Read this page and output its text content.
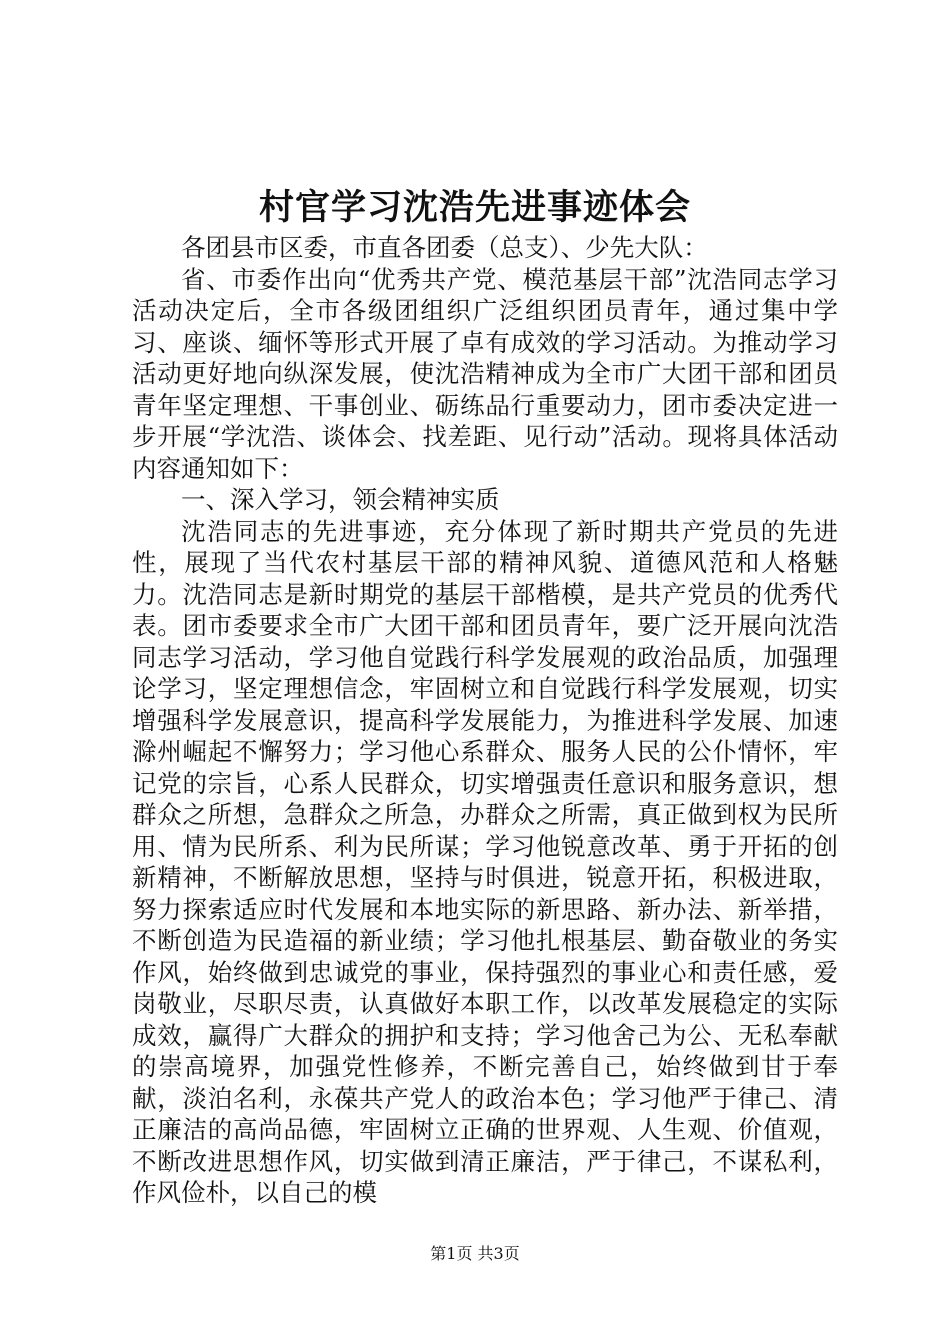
村官学习沈浩先进事迹体会

各团县市区委，市直各团委（总支）、少先大队：

省、市委作出向“优秀共产党、模范基层干部”沈浩同志学习活动决定后，全市各级团组织广泛组织团员青年，通过集中学习、座谈、缅怀等形式开展了卓有成效的学习活动。为推动学习活动更好地向纵深发展，使沈浩精神成为全市广大团干部和团员青年坚定理想、干事创业、砺练品行重要动力，团市委决定进一步开展“学沈浩、谈体会、找差距、见行动”活动。现将具体活动内容通知如下：

一、深入学习，领会精神实质

沈浩同志的先进事迹，充分体现了新时期共产党员的先进性，展现了当代农村基层干部的精神风貌、道德风范和人格魅力。沈浩同志是新时期党的基层干部楷模，是共产党员的优秀代表。团市委要求全市广大团干部和团员青年，要广泛开展向沈浩同志学习活动，学习他自觉践行科学发展观的政治品质，加强理论学习，坚定理想信念，牢固树立和自觉践行科学发展观，切实增强科学发展意识，提高科学发展能力，为推进科学发展、加速滁州崛起不懈努力；学习他心系群众、服务人民的公仆情怀，牢记党的宗旨，心系人民群众，切实增强责任意识和服务意识，想群众之所想，急群众之所急，办群众之所需，真正做到权为民所用、情为民所系、利为民所谋；学习他锐意改革、勇于开拓的创新精神，不断解放思想，坚持与时俱进，锐意开拓，积极进取，努力探索适应时代发展和本地实际的新思路、新办法、新举措，不断创造为民造福的新业绩；学习他扎根基层、勤奋敬业的务实作风，始终做到忠诚党的事业，保持强烈的事业心和责任感，爱岗敬业，尽职尽责，认真做好本职工作，以改革发展稳定的实际成效，赢得广大群众的拥护和支持；学习他舍己为公、无私奉献的崇高境界，加强党性修养，不断完善自己，始终做到甘于奉献，淡泊名利，永葆共产党人的政治本色；学习他严于律己、清正廉洁的高尚品德，牢固树立正确的世界观、人生观、价值观，不断改进思想作风，切实做到清正廉洁，严于律己，不谋私利，作风俭朴，以自己的模

第1页 共3页
